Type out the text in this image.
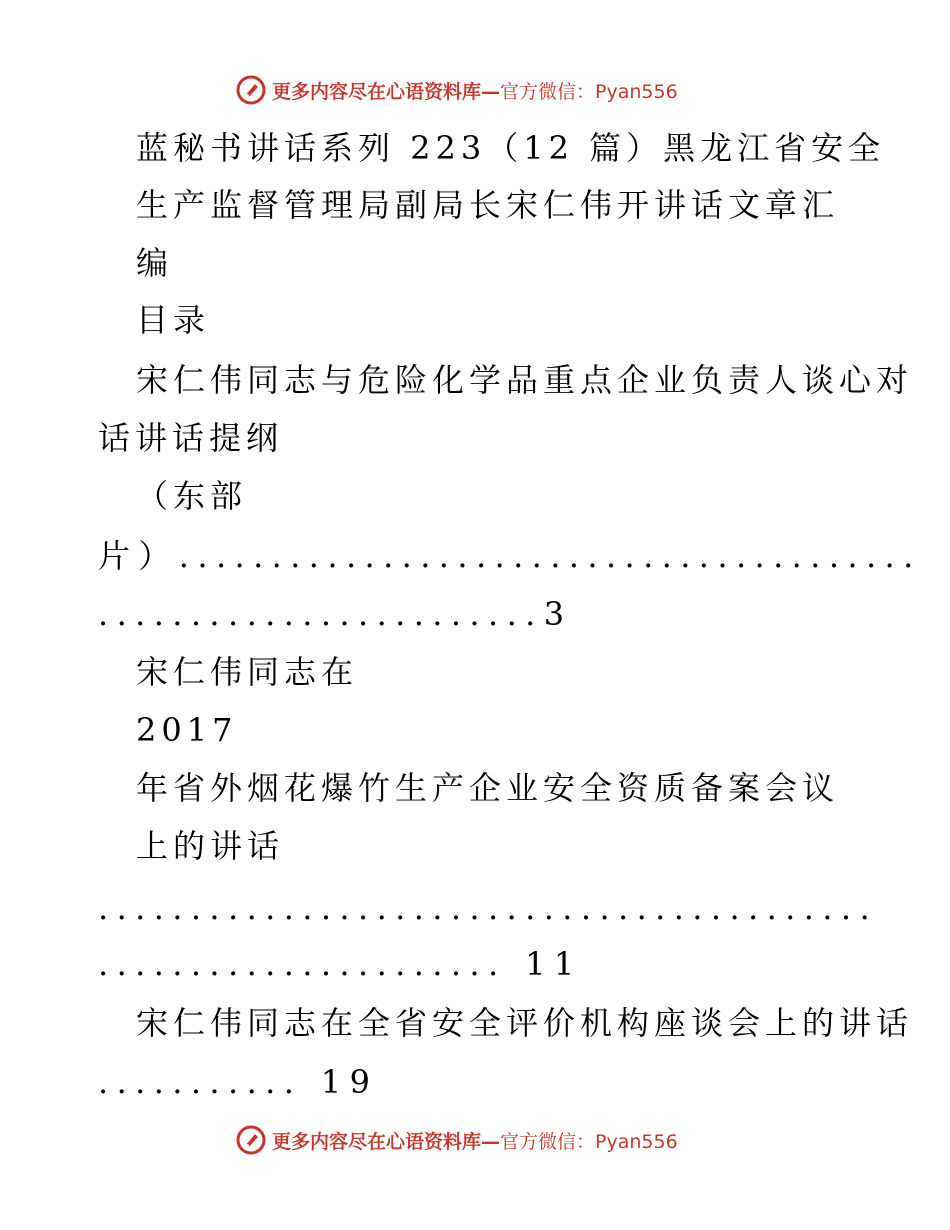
更多内容尽在心语资料库— 官方微信：Pyan556
蓝秘书讲话系列 223（12 篇）黑龙江省安全
生产监督管理局副局长宋仁伟开讲话文章汇
编
目录
宋仁伟同志与危险化学品重点企业负责人谈心对
话讲话提纲
（东部
片）........................................
........................3
宋仁伟同志在
2017
年省外烟花爆竹生产企业安全资质备案会议
上的讲话
..........................................
...................... 11
宋仁伟同志在全省安全评价机构座谈会上的讲话
........... 19
更多内容尽在心语资料库— 官方微信：Pyan556
